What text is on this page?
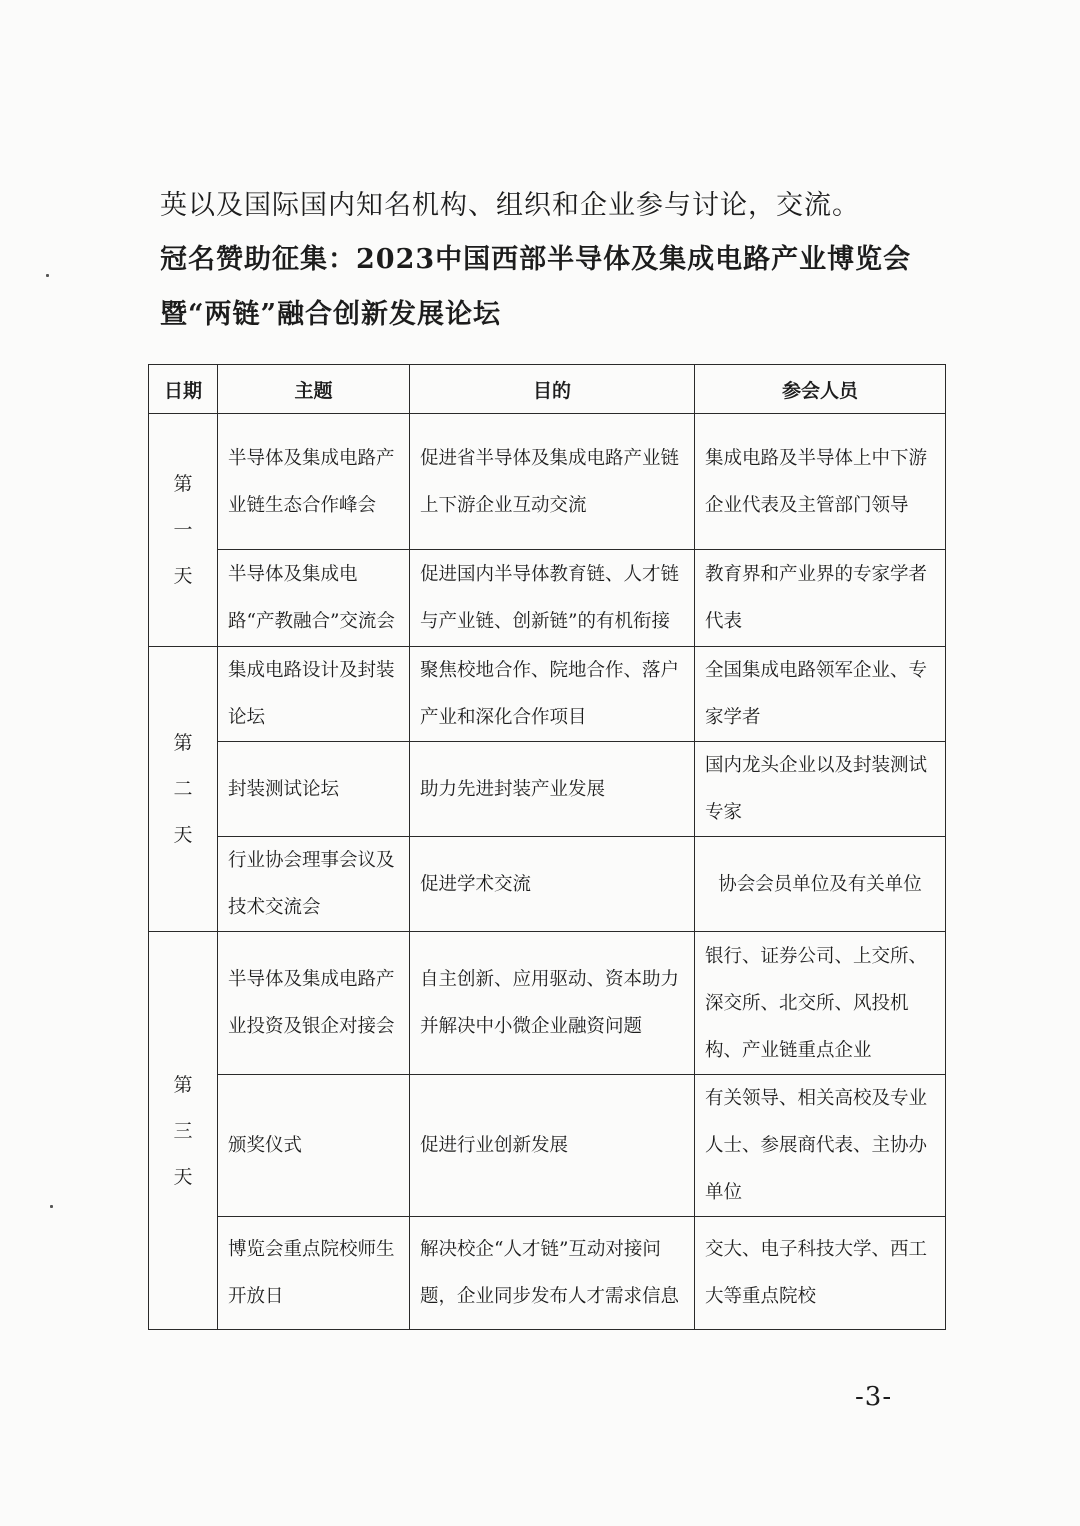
英以及国际国内知名机构、组织和企业参与讨论，交流。

冠名赞助征集：2023中国西部半导体及集成电路产业博览会暨“两链”融合创新发展论坛
日期	主题	目的	参会人员

第
一
天	半导体及集成电路产业链生态合作峰会	促进省半导体及集成电路产业链上下游企业互动交流	集成电路及半导体上中下游企业代表及主管部门领导
	半导体及集成电路“产教融合”交流会	促进国内半导体教育链、人才链与产业链、创新链”的有机衔接	教育界和产业界的专家学者代表

第
二
天	集成电路设计及封装论坛	聚焦校地合作、院地合作、落户产业和深化合作项目	全国集成电路领军企业、专家学者
	封装测试论坛	助力先进封装产业发展	国内龙头企业以及封装测试专家
	行业协会理事会议及技术交流会	促进学术交流	协会会员单位及有关单位

第
三
天	半导体及集成电路产业投资及银企对接会	自主创新、应用驱动、资本助力并解决中小微企业融资问题	银行、证券公司、上交所、深交所、北交所、风投机构、产业链重点企业
	颁奖仪式	促进行业创新发展	有关领导、相关高校及专业人士、参展商代表、主协办单位
	博览会重点院校师生开放日	解决校企“人才链”互动对接问题，企业同步发布人才需求信息	交大、电子科技大学、西工大等重点院校
-3-
